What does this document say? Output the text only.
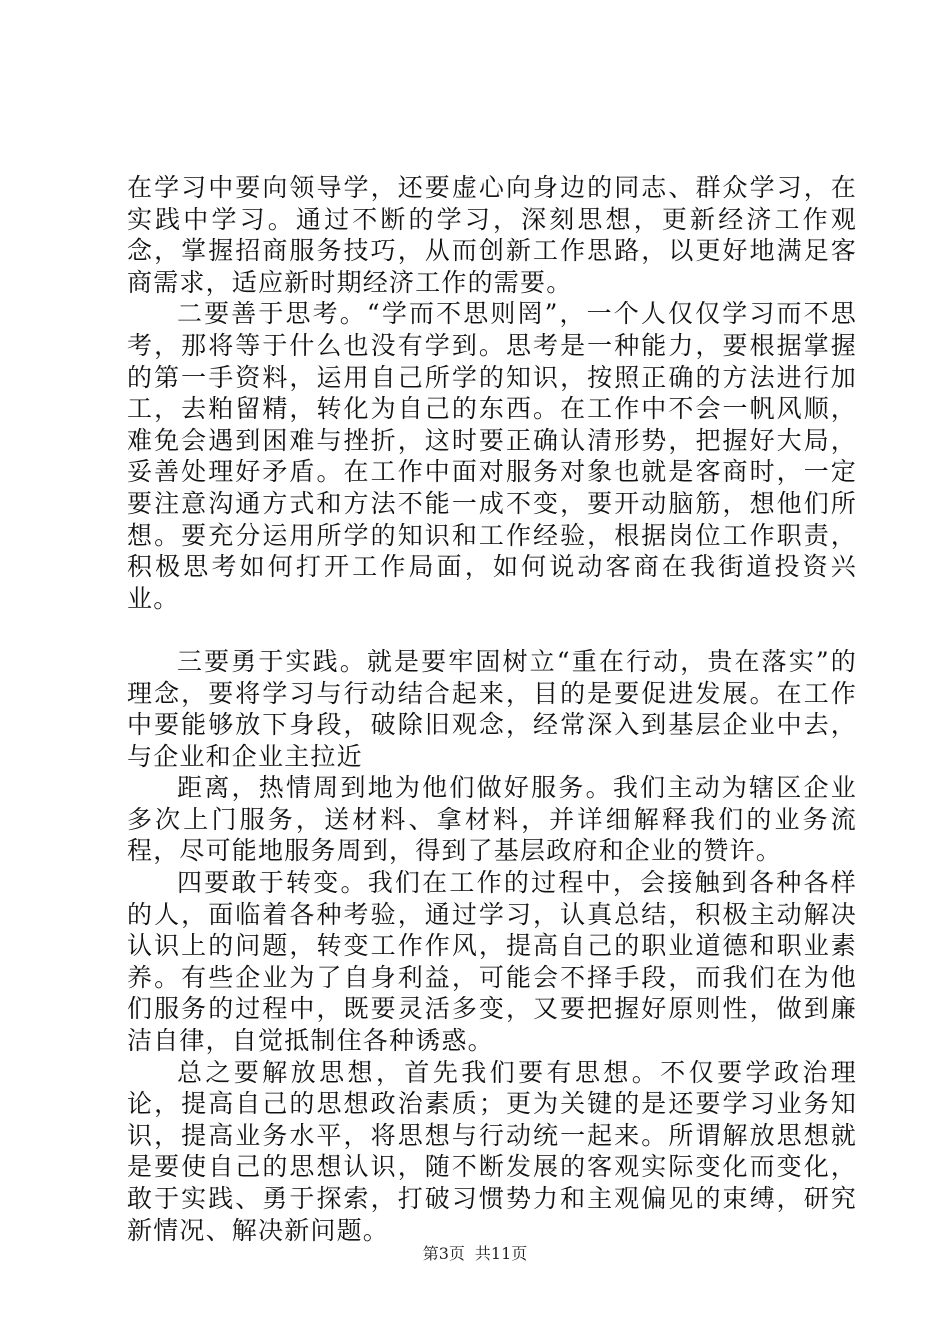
在学习中要向领导学，还要虚心向身边的同志、群众学习，在实践中学习。通过不断的学习，深刻思想，更新经济工作观念，掌握招商服务技巧，从而创新工作思路，以更好地满足客商需求，适应新时期经济工作的需要。

二要善于思考。“学而不思则罔”，一个人仅仅学习而不思考，那将等于什么也没有学到。思考是一种能力，要根据掌握的第一手资料，运用自己所学的知识，按照正确的方法进行加工，去粕留精，转化为自己的东西。在工作中不会一帆风顺，难免会遇到困难与挫折，这时要正确认清形势，把握好大局，妥善处理好矛盾。在工作中面对服务对象也就是客商时，一定要注意沟通方式和方法不能一成不变，要开动脑筋，想他们所想。要充分运用所学的知识和工作经验，根据岗位工作职责，积极思考如何打开工作局面，如何说动客商在我街道投资兴业。

三要勇于实践。就是要牢固树立“重在行动，贵在落实”的理念，要将学习与行动结合起来，目的是要促进发展。在工作中要能够放下身段，破除旧观念，经常深入到基层企业中去，与企业和企业主拉近

距离，热情周到地为他们做好服务。我们主动为辖区企业多次上门服务，送材料、拿材料，并详细解释我们的业务流程，尽可能地服务周到，得到了基层政府和企业的赞许。

四要敢于转变。我们在工作的过程中，会接触到各种各样的人，面临着各种考验，通过学习，认真总结，积极主动解决认识上的问题，转变工作作风，提高自己的职业道德和职业素养。有些企业为了自身利益，可能会不择手段，而我们在为他们服务的过程中，既要灵活多变，又要把握好原则性，做到廉洁自律，自觉抵制住各种诱惑。

总之要解放思想，首先我们要有思想。不仅要学政治理论，提高自己的思想政治素质；更为关键的是还要学习业务知识，提高业务水平，将思想与行动统一起来。所谓解放思想就是要使自己的思想认识，随不断发展的客观实际变化而变化，敢于实践、勇于探索，打破习惯势力和主观偏见的束缚，研究新情况、解决新问题。

第3页 共11页
